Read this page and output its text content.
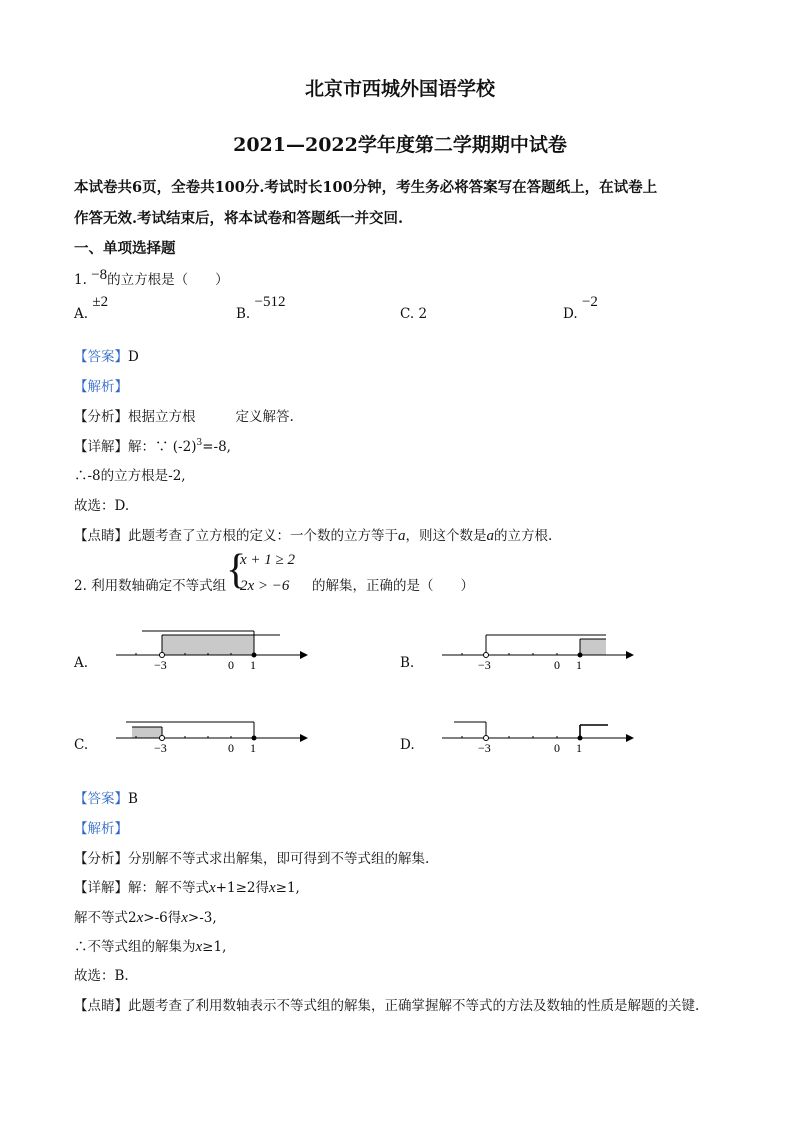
北京市西城外国语学校
2021—2022学年度第二学期期中试卷
本试卷共6页，全卷共100分.考试时长100分钟，考生务必将答案写在答题纸上，在试卷上
作答无效.考试结束后，将本试卷和答题纸一并交回.
一、单项选择题
1. −8的立方根是（　　）
A. ±2
B. −512
C. 2	D. −2
【答案】D
【解析】
【分析】根据立方根	定义解答.
【详解】解：∵ $(-2)^3=-8$,
∴-8的立方根是-2,
故选：D.
【点睛】此题考查了立方根的定义：一个数的立方等于a，则这个数是a的立方根.
2. 利用数轴确定不等式组 {
x + 1 ≥ 2
2x > −6 的解集，正确的是（　　）
A.	−3	0 1	B.	−3	0 1
C.	−3	0 1	D.	−3	0 1
【答案】B
【解析】
【分析】分别解不等式求出解集，即可得到不等式组的解集.
【详解】解：解不等式x+1≥2得x≥1,
解不等式2x>-6得x>-3,
∴不等式组的解集为x≥1,
故选：B.
【点睛】此题考查了利用数轴表示不等式组的解集，正确掌握解不等式的方法及数轴的性质是解题的关键.
